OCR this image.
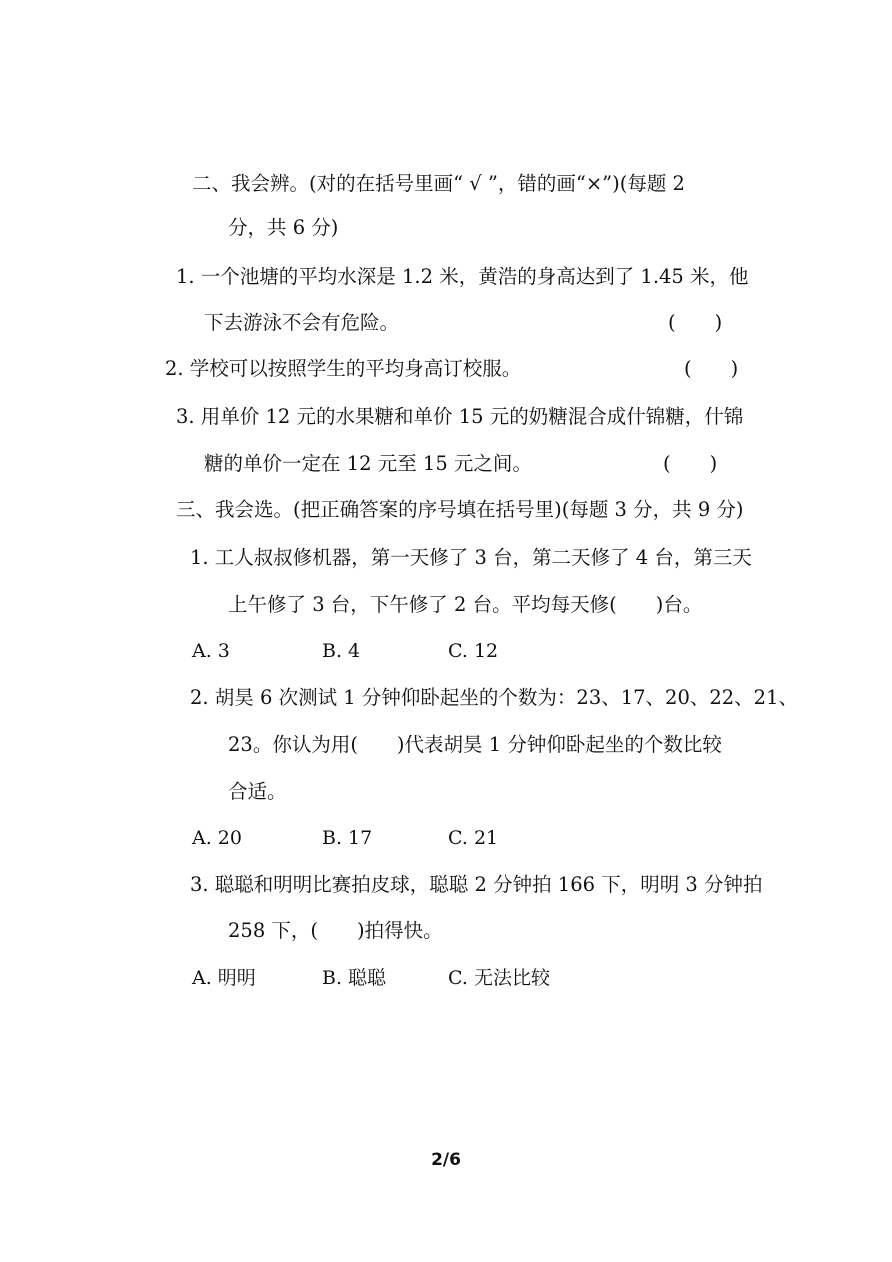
二、我会辨。(对的在括号里画“ √ ”，错的画“×”)(每题 2
分，共 6 分)
1. 一个池塘的平均水深是 1.2 米，黄浩的身高达到了 1.45 米，他
下去游泳不会有危险。	(　　)
2. 学校可以按照学生的平均身高订校服。	(　　)
3. 用单价 12 元的水果糖和单价 15 元的奶糖混合成什锦糖，什锦
糖的单价一定在 12 元至 15 元之间。	(　　)
三、我会选。(把正确答案的序号填在括号里)(每题 3 分，共 9 分)
1. 工人叔叔修机器，第一天修了 3 台，第二天修了 4 台，第三天
上午修了 3 台，下午修了 2 台。平均每天修(　　)台。
A. 3	B. 4	C. 12
2. 胡昊 6 次测试 1 分钟仰卧起坐的个数为：23、17、20、22、21、
23。你认为用(　　)代表胡昊 1 分钟仰卧起坐的个数比较
合适。
A. 20	B. 17	C. 21
3. 聪聪和明明比赛拍皮球，聪聪 2 分钟拍 166 下，明明 3 分钟拍
258 下，(　　)拍得快。
A. 明明	B. 聪聪	C. 无法比较
2/6
